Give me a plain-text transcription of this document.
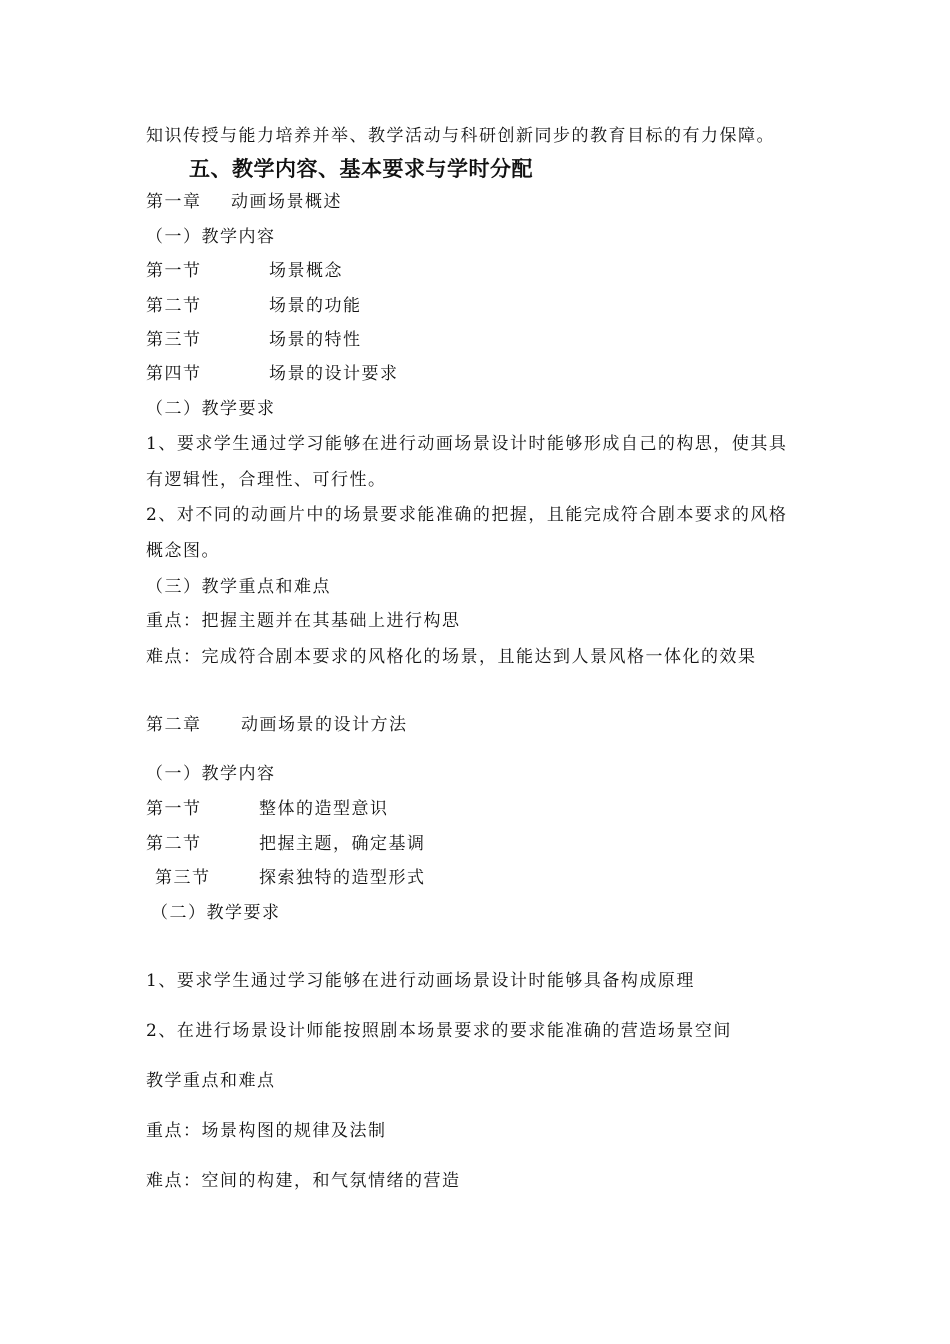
知识传授与能力培养并举、教学活动与科研创新同步的教育目标的有力保障。
五、教学内容、基本要求与学时分配
第一章 动画场景概述
（一）教学内容
第一节	场景概念
第二节	场景的功能
第三节	场景的特性
第四节	场景的设计要求
（二）教学要求
1、要求学生通过学习能够在进行动画场景设计时能够形成自己的构思，使其具
有逻辑性，合理性、可行性。
2、对不同的动画片中的场景要求能准确的把握，且能完成符合剧本要求的风格
概念图。
（三）教学重点和难点
重点：把握主题并在其基础上进行构思
难点：完成符合剧本要求的风格化的场景，且能达到人景风格一体化的效果
第二章 动画场景的设计方法
（一）教学内容
第一节	整体的造型意识
第二节	把握主题，确定基调
第三节	探索独特的造型形式
（二）教学要求
1、要求学生通过学习能够在进行动画场景设计时能够具备构成原理
2、在进行场景设计师能按照剧本场景要求的要求能准确的营造场景空间
教学重点和难点
重点：场景构图的规律及法制
难点：空间的构建，和气氛情绪的营造
